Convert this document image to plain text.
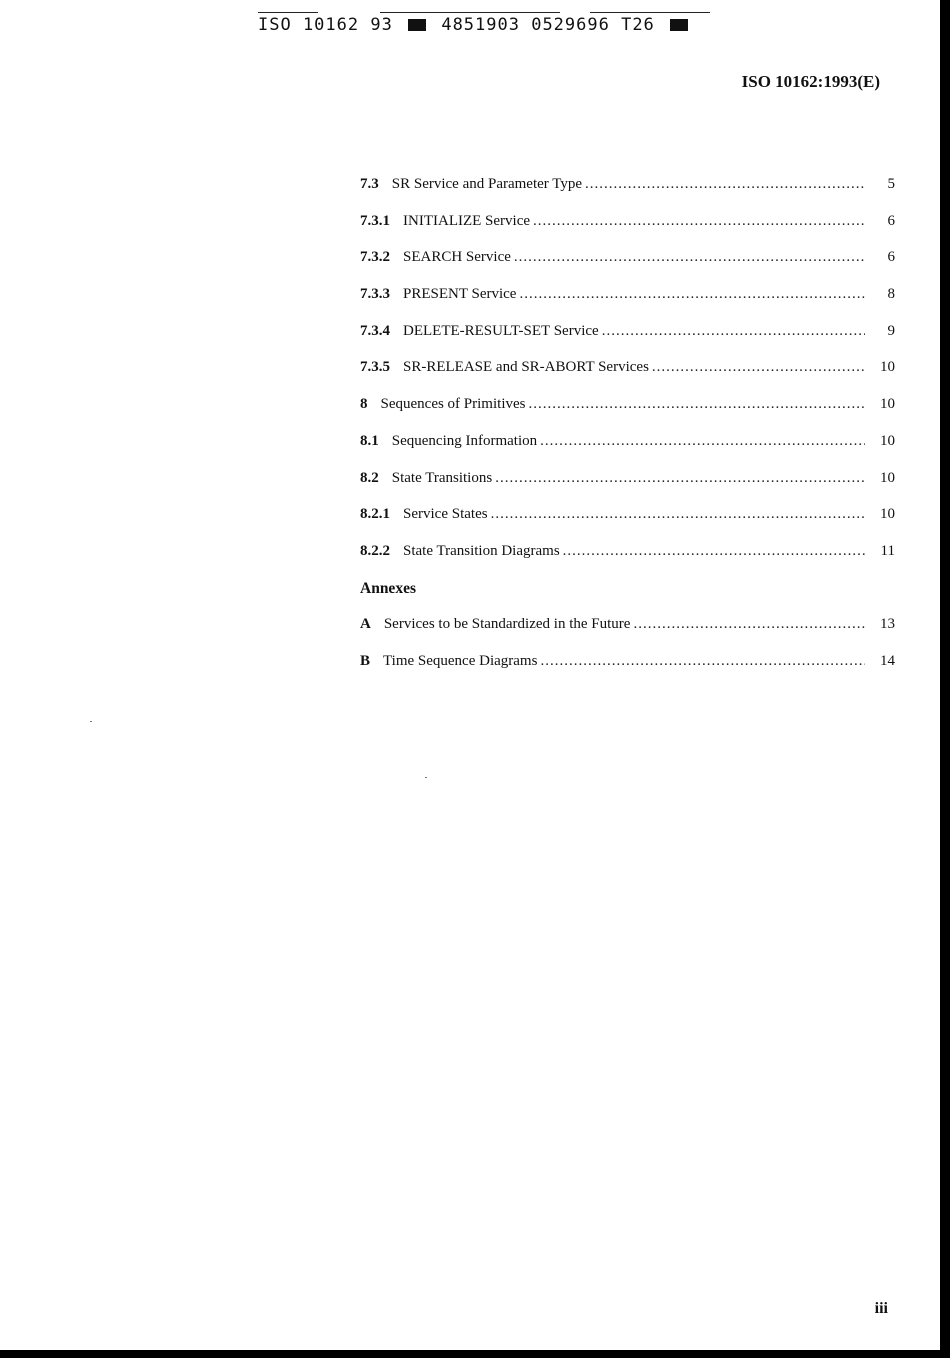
ISO 10162 93	4851903 0529696 T26
ISO 10162:1993(E)
7.3 SR Service and Parameter Type .....	5
7.3.1 INITIALIZE Service .....	6
7.3.2 SEARCH Service .....	6
7.3.3 PRESENT Service .....	8
7.3.4 DELETE-RESULT-SET Service .....	9
7.3.5 SR-RELEASE and SR-ABORT Services .....	10
8 Sequences of Primitives .....	10
8.1 Sequencing Information .....	10
8.2 State Transitions .....	10
8.2.1 Service States .....	10
8.2.2 State Transition Diagrams .....	11
Annexes
A Services to be Standardized in the Future .....	13
B Time Sequence Diagrams .....	14
iii
